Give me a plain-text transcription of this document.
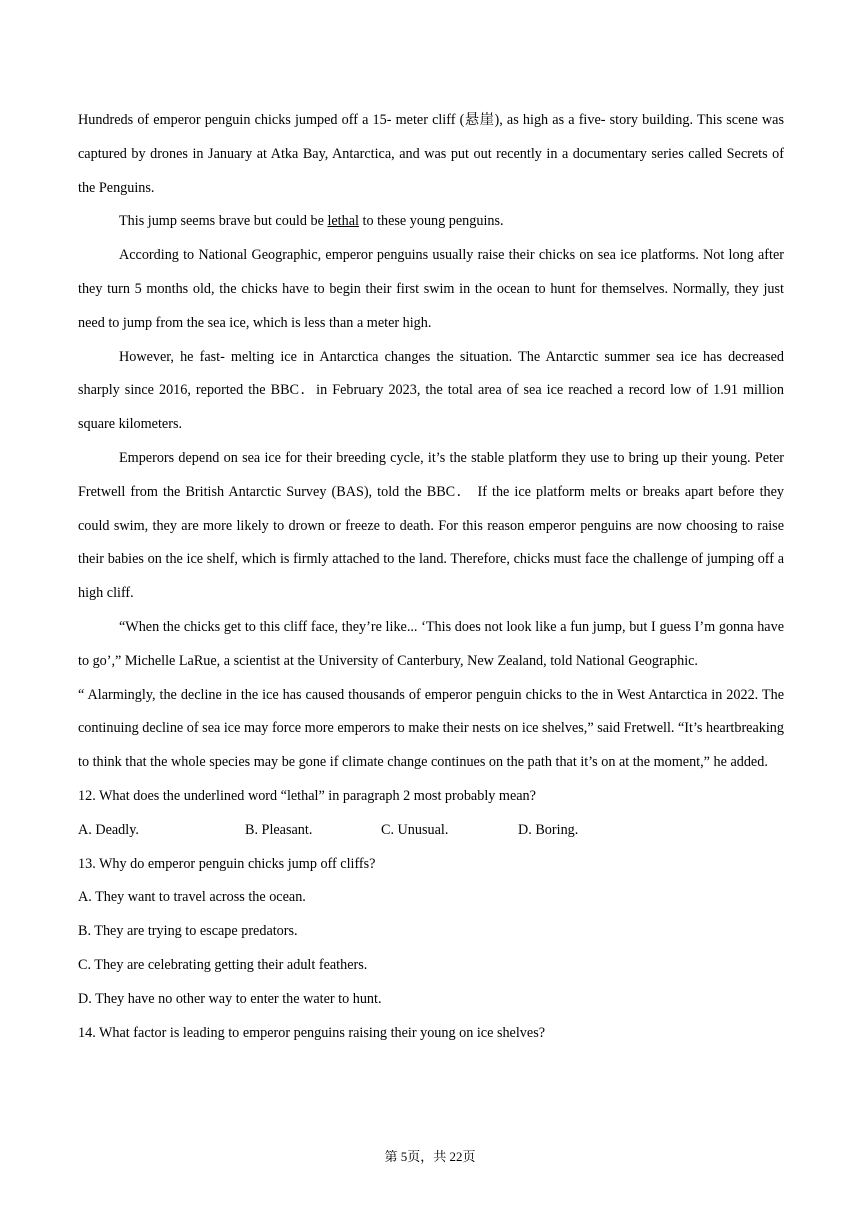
Hundreds of emperor penguin chicks jumped off a 15- meter cliff (悬崖), as high as a five- story building. This scene was captured by drones in January at Atka Bay, Antarctica, and was put out recently in a documentary series called Secrets of the Penguins.

This jump seems brave but could be lethal to these young penguins.

According to National Geographic, emperor penguins usually raise their chicks on sea ice platforms. Not long after they turn 5 months old, the chicks have to begin their first swim in the ocean to hunt for themselves. Normally, they just need to jump from the sea ice, which is less than a meter high.

However, he fast- melting ice in Antarctica changes the situation. The Antarctic summer sea ice has decreased sharply since 2016, reported the BBC．in February 2023, the total area of sea ice reached a record low of 1.91 million square kilometers.

Emperors depend on sea ice for their breeding cycle, it’s the stable platform they use to bring up their young. Peter Fretwell from the British Antarctic Survey (BAS), told the BBC． If the ice platform melts or breaks apart before they could swim, they are more likely to drown or freeze to death. For this reason emperor penguins are now choosing to raise their babies on the ice shelf, which is firmly attached to the land. Therefore, chicks must face the challenge of jumping off a high cliff.

“When the chicks get to this cliff face, they’re like... ‘This does not look like a fun jump, but I guess I’m gonna have to go’,” Michelle LaRue, a scientist at the University of Canterbury, New Zealand, told National Geographic.

“ Alarmingly, the decline in the ice has caused thousands of emperor penguin chicks to the in West Antarctica in 2022. The continuing decline of sea ice may force more emperors to make their nests on ice shelves,” said Fretwell. “It’s heartbreaking to think that the whole species may be gone if climate change continues on the path that it’s on at the moment,” he added.

12. What does the underlined word “lethal” in paragraph 2 most probably mean?

A. Deadly.	B. Pleasant.	C. Unusual.	D. Boring.

13. Why do emperor penguin chicks jump off cliffs?

A. They want to travel across the ocean.

B. They are trying to escape predators.

C. They are celebrating getting their adult feathers.

D. They have no other way to enter the water to hunt.

14. What factor is leading to emperor penguins raising their young on ice shelves?

第 5页，共 22页
